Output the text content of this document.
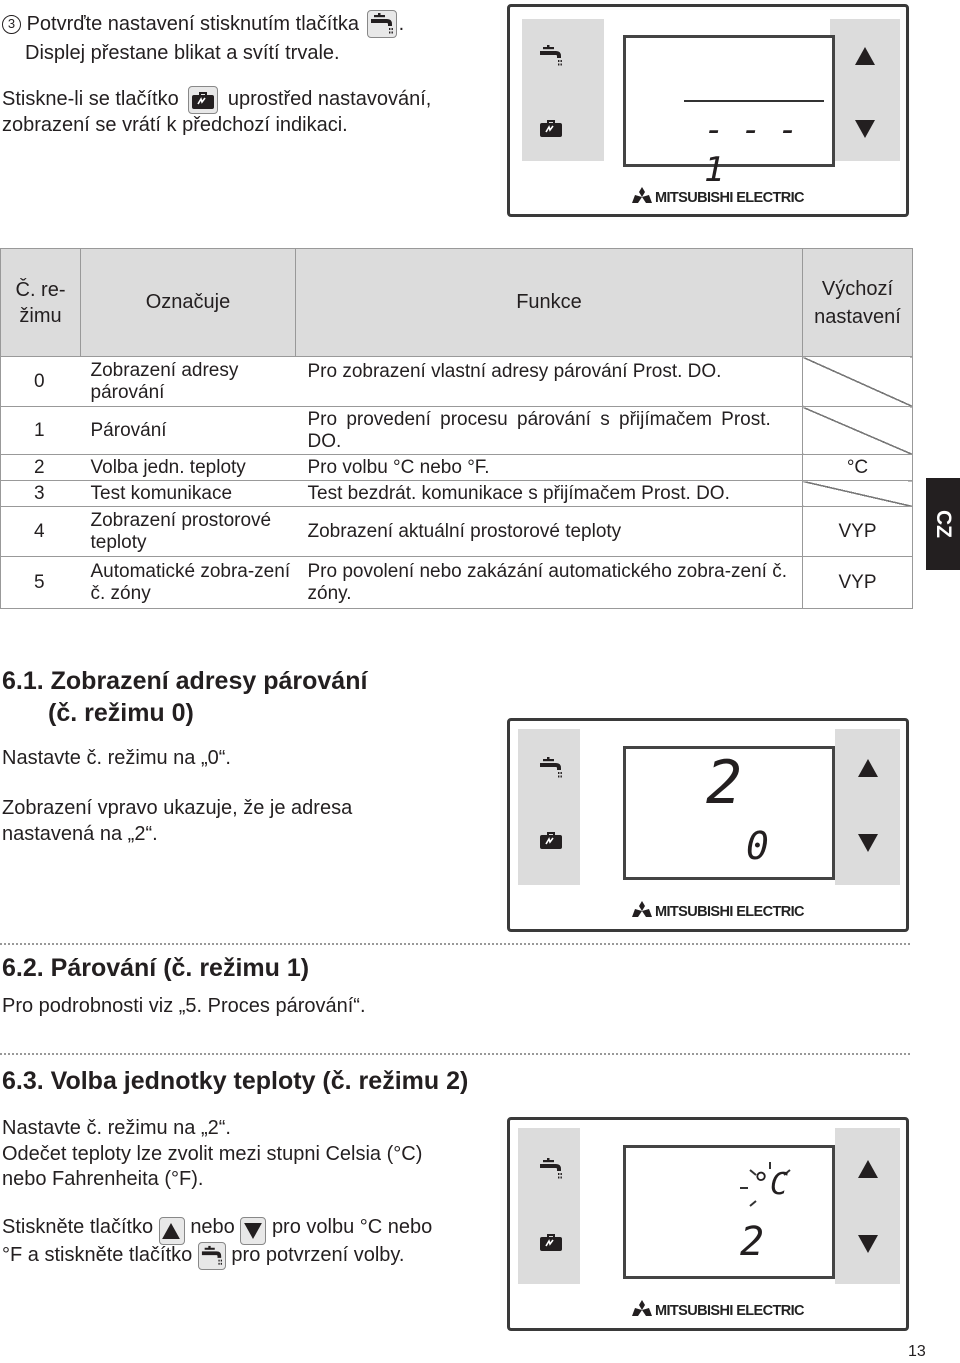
3 Potvrďte nastavení stisknutím tlačítka .
Displej přestane blikat a svítí trvale.
Stiskne-li se tlačítko uprostřed nastavování,
zobrazení se vrátí k předchozí indikaci.	- - - 1
MITSUBISHI ELECTRIC
Č. re-
žimu	Označuje	Funkce	Výchozí
nastavení
0	Zobrazení adresy párování	Pro zobrazení vlastní adresy párování Prost. DO.	
1	Párování	Pro provedení procesu párování s přijímačem Prost. DO.	
2	Volba jedn. teploty	Pro volbu °C nebo °F.	°C
3	Test komunikace	Test bezdrát. komunikace s přijímačem Prost. DO.	
4	Zobrazení prostorové teploty	Zobrazení aktuální prostorové teploty	VYP
5	Automatické zobra-zení č. zóny	Pro povolení nebo zakázání automatického zobra-zení č. zóny.	VYP
CZ
6.1. Zobrazení adresy párování
(č. režimu 0)
Nastavte č. režimu na „0“.
Zobrazení vpravo ukazuje, že je adresa
nastavená na „2“.
2
0
MITSUBISHI ELECTRIC
6.2. Párování (č. režimu 1)
Pro podrobnosti viz „5. Proces párování“.
6.3. Volba jednotky teploty (č. režimu 2)
Nastavte č. režimu na „2“.
Odečet teploty lze zvolit mezi stupni Celsia (°C)
nebo Fahrenheita (°F).
Stiskněte tlačítko nebo pro volbu °C nebo
°F a stiskněte tlačítko pro potvrzení volby.
°C
2
MITSUBISHI ELECTRIC
13
